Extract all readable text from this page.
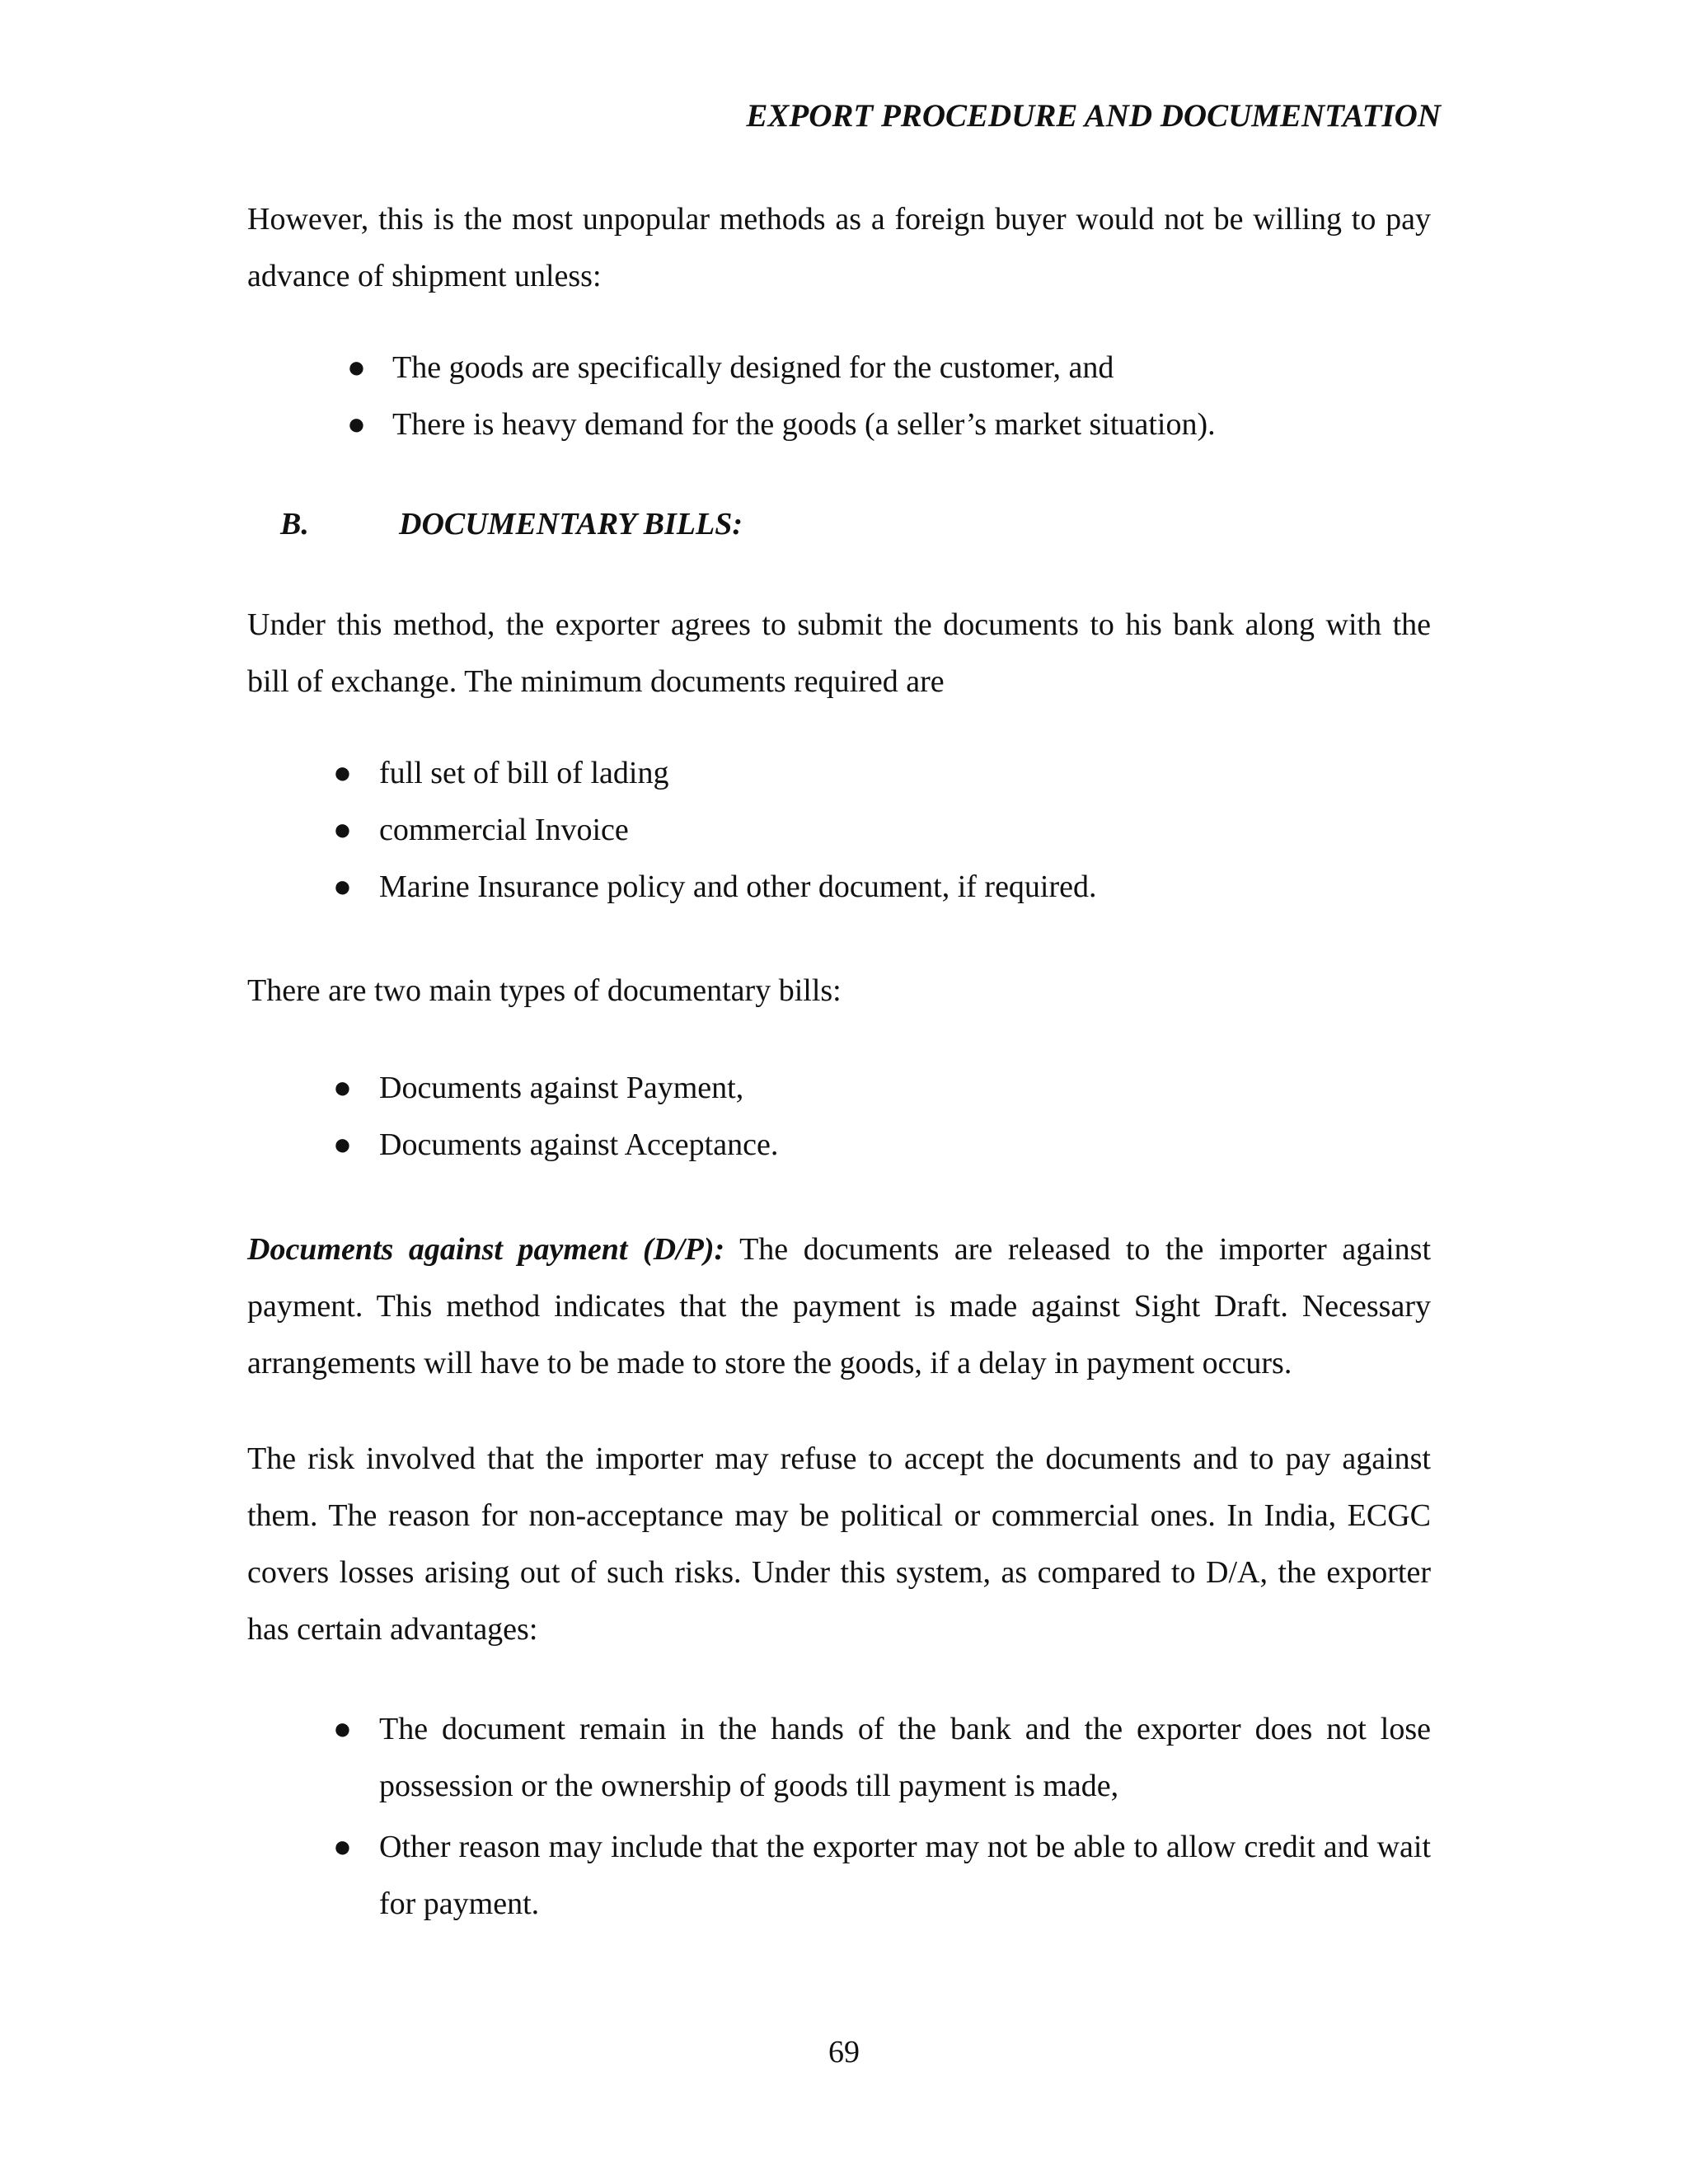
EXPORT PROCEDURE AND DOCUMENTATION
However, this is the most unpopular methods as a foreign buyer would not be willing to pay advance of shipment unless:
● The goods are specifically designed for the customer, and
● There is heavy demand for the goods (a seller’s market situation).
B.	DOCUMENTARY BILLS:
Under this method, the exporter agrees to submit the documents to his bank along with the bill of exchange. The minimum documents required are
● full set of bill of lading
● commercial Invoice
● Marine Insurance policy and other document, if required.
There are two main types of documentary bills:
● Documents against Payment,
● Documents against Acceptance.
Documents against payment (D/P): The documents are released to the importer against payment. This method indicates that the payment is made against Sight Draft. Necessary arrangements will have to be made to store the goods, if a delay in payment occurs.
The risk involved that the importer may refuse to accept the documents and to pay against them. The reason for non-acceptance may be political or commercial ones. In India, ECGC covers losses arising out of such risks. Under this system, as compared to D/A, the exporter has certain advantages:
● The document remain in the hands of the bank and the exporter does not lose possession or the ownership of goods till payment is made,
● Other reason may include that the exporter may not be able to allow credit and wait for payment.
69
